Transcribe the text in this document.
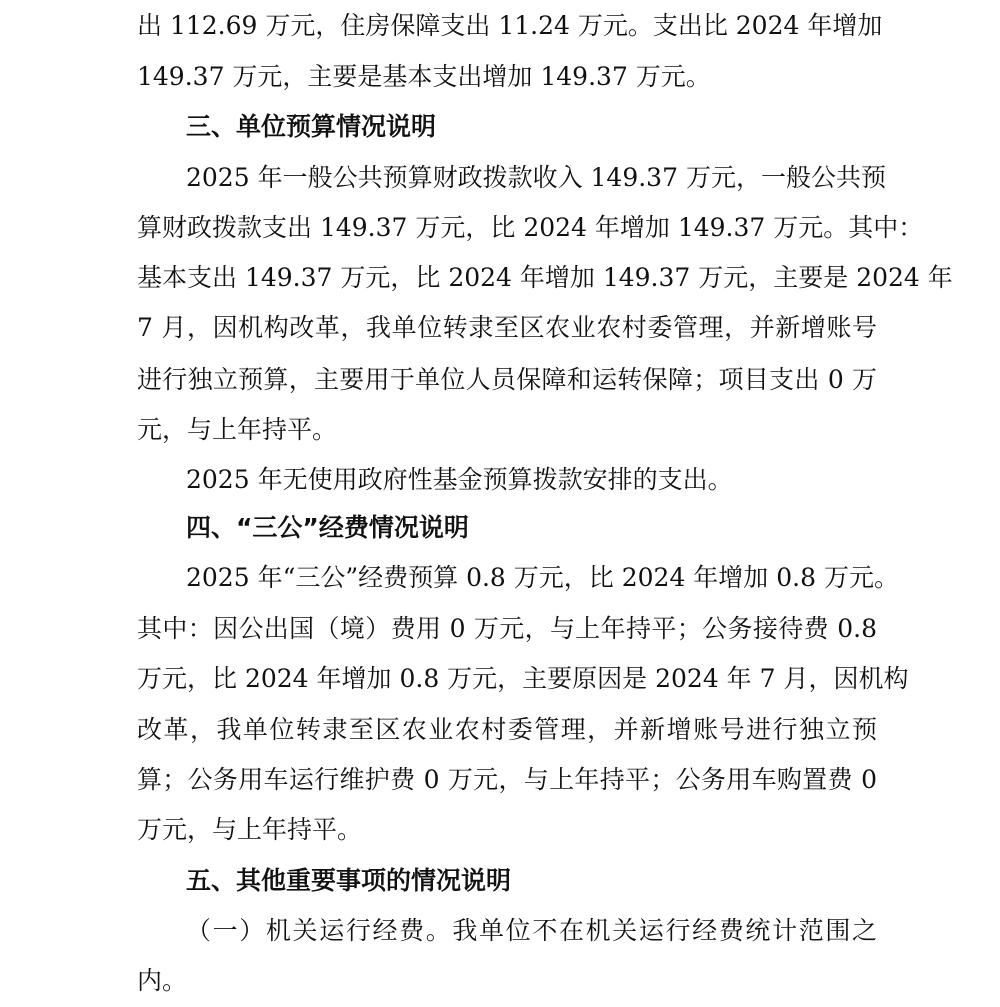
出 112.69 万元，住房保障支出 11.24 万元。支出比 2024 年增加
149.37 万元，主要是基本支出增加 149.37 万元。
三、单位预算情况说明
2025 年一般公共预算财政拨款收入 149.37 万元，一般公共预
算财政拨款支出 149.37 万元，比 2024 年增加 149.37 万元。其中：
基本支出 149.37 万元，比 2024 年增加 149.37 万元，主要是 2024 年
7 月，因机构改革，我单位转隶至区农业农村委管理，并新增账号
进行独立预算，主要用于单位人员保障和运转保障；项目支出 0 万
元，与上年持平。
2025 年无使用政府性基金预算拨款安排的支出。
四、“三公”经费情况说明
2025 年“三公”经费预算 0.8 万元，比 2024 年增加 0.8 万元。
其中：因公出国（境）费用 0 万元，与上年持平；公务接待费 0.8
万元，比 2024 年增加 0.8 万元，主要原因是 2024 年 7 月，因机构
改革，我单位转隶至区农业农村委管理，并新增账号进行独立预
算；公务用车运行维护费 0 万元，与上年持平；公务用车购置费 0
万元，与上年持平。
五、其他重要事项的情况说明
（一）机关运行经费。我单位不在机关运行经费统计范围之
内。
